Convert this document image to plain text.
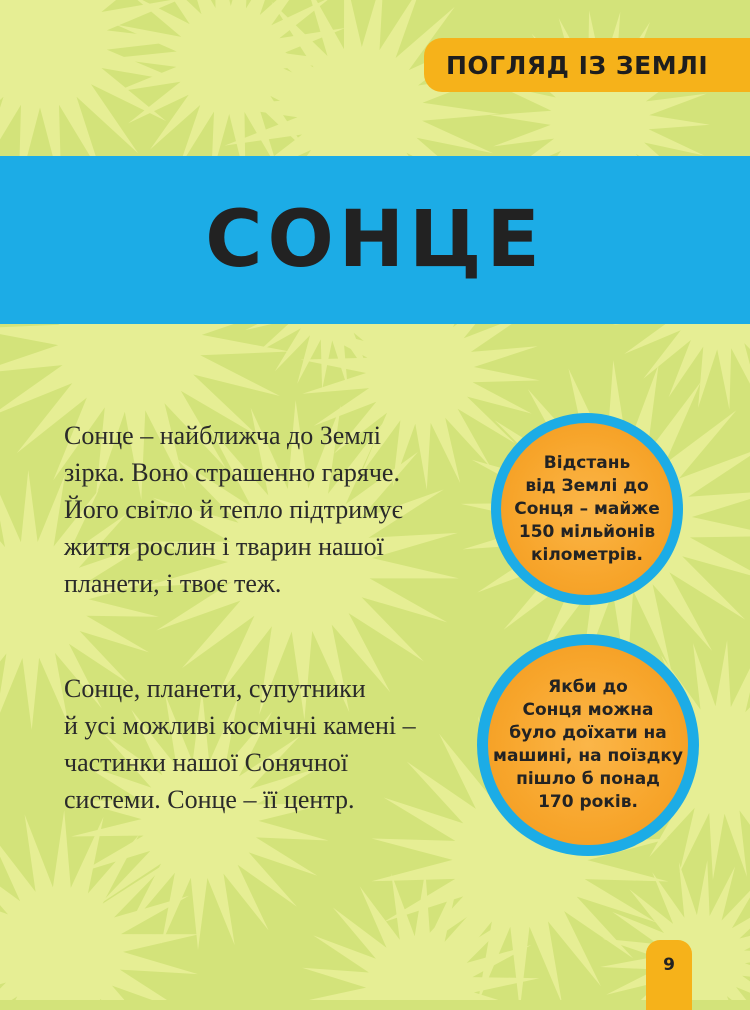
ПОГЛЯД ІЗ ЗЕМЛІ
СОНЦЕ

Сонце – найближча до Землі
зірка. Воно страшенно гаряче.
Його світло й тепло підтримує
життя рослин і тварин нашої
планети, і твоє теж.

Сонце, планети, супутники
й усі можливі космічні камені –
частинки нашої Сонячної
системи. Сонце – її центр.

Відстань
від Землі до
Сонця – майже
150 мільйонів
кілометрів.

Якби до
Сонця можна
було доїхати на
машині, на поїздку
пішло б понад
170 років.

9
